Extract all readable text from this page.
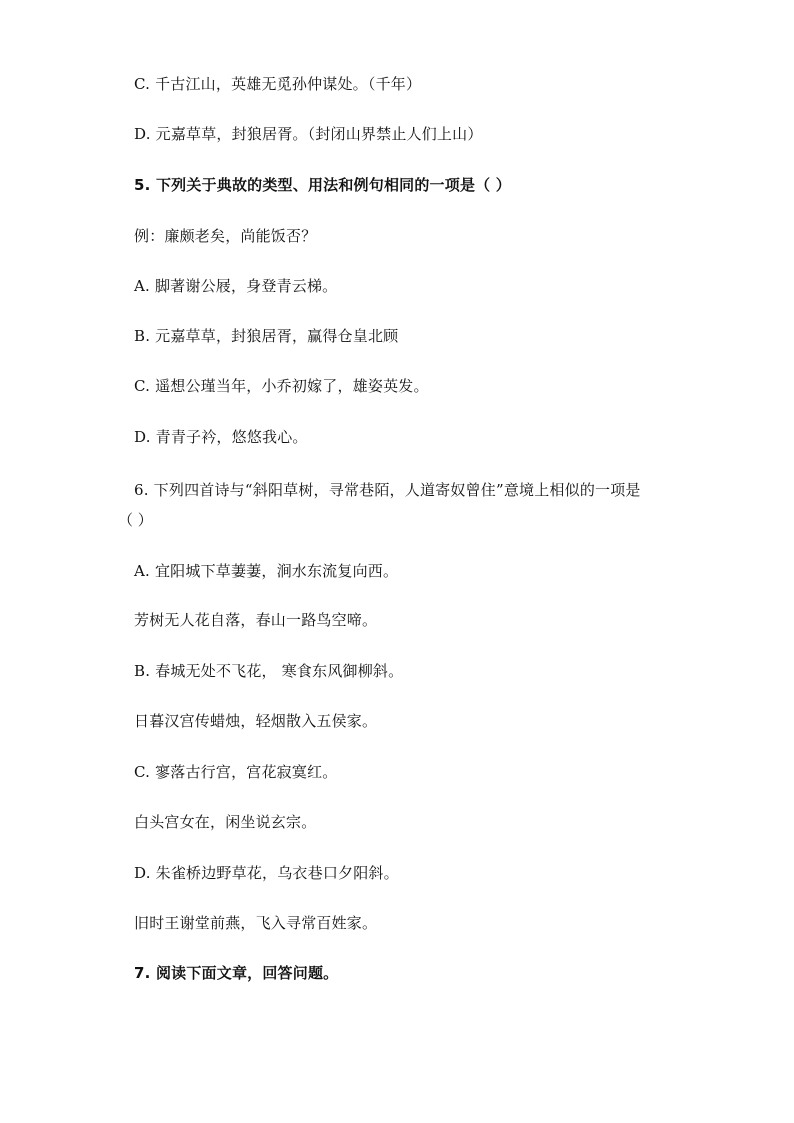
C. 千古江山，英雄无觅孙仲谋处。（千年）
D. 元嘉草草，封狼居胥。（封闭山界禁止人们上山）
5. 下列关于典故的类型、用法和例句相同的一项是（ ）
例：廉颇老矣，尚能饭否？
A. 脚著谢公屐，身登青云梯。
B. 元嘉草草，封狼居胥，赢得仓皇北顾
C. 遥想公瑾当年，小乔初嫁了，雄姿英发。
D. 青青子衿，悠悠我心。
6. 下列四首诗与“斜阳草树，寻常巷陌，人道寄奴曾住”意境上相似的一项是
（ ）
A. 宜阳城下草萋萋，涧水东流复向西。
芳树无人花自落，春山一路鸟空啼。
B. 春城无处不飞花， 寒食东风御柳斜。
日暮汉宫传蜡烛，轻烟散入五侯家。
C. 寥落古行宫，宫花寂寞红。
白头宫女在，闲坐说玄宗。
D. 朱雀桥边野草花，乌衣巷口夕阳斜。
旧时王谢堂前燕，飞入寻常百姓家。
7. 阅读下面文章，回答问题。
